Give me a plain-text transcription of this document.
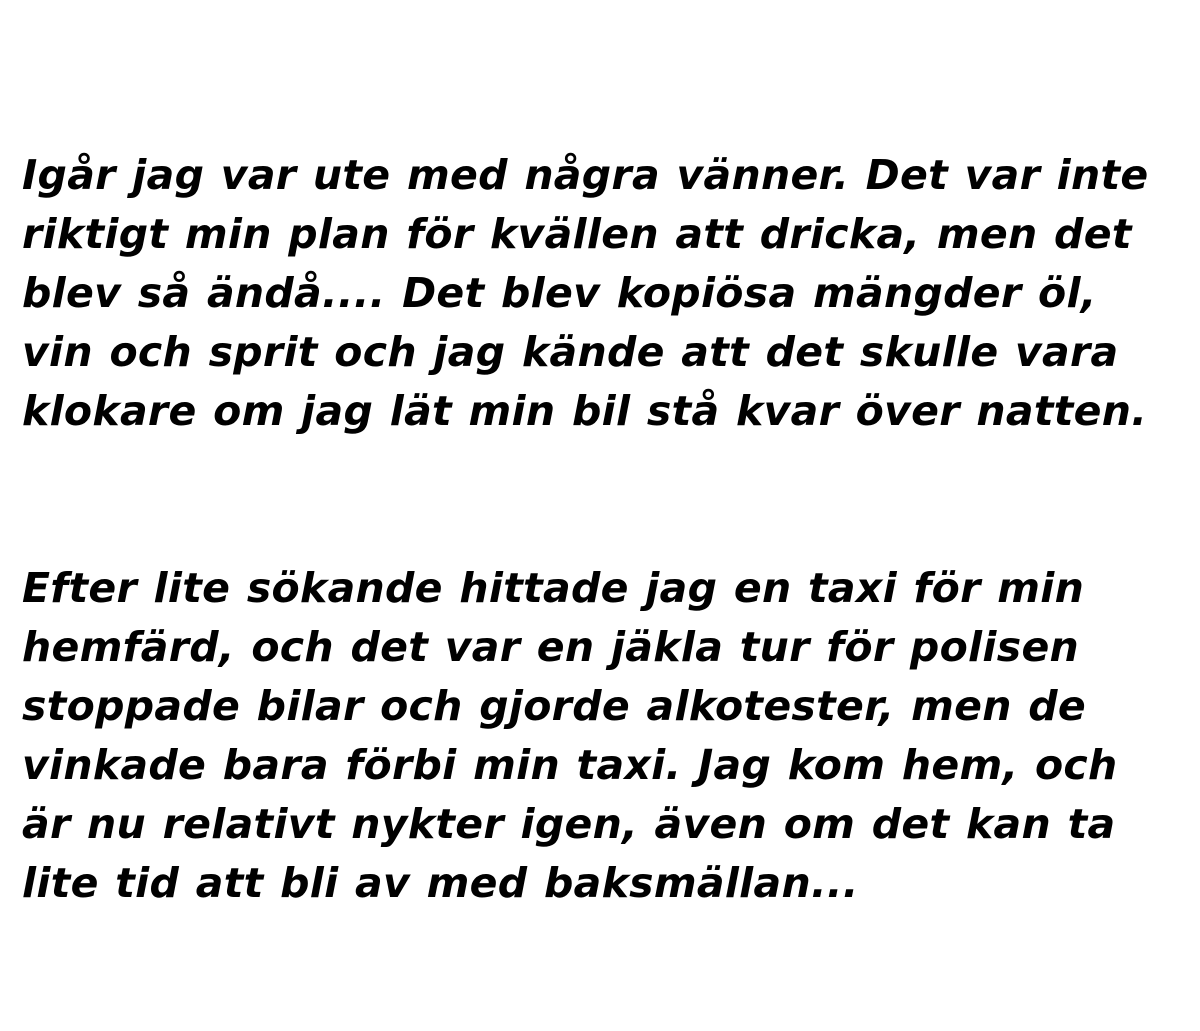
Igår jag var ute med några vänner. Det var inte riktigt min plan för kvällen att dricka, men det blev så ändå.... Det blev kopiösa mängder öl, vin och sprit och jag kände att det skulle vara klokare om jag lät min bil stå kvar över natten.

Efter lite sökande hittade jag en taxi för min hemfärd, och det var en jäkla tur för polisen stoppade bilar och gjorde alkotester, men de vinkade bara förbi min taxi. Jag kom hem, och är nu relativt nykter igen, även om det kan ta lite tid att bli av med baksmällan...
